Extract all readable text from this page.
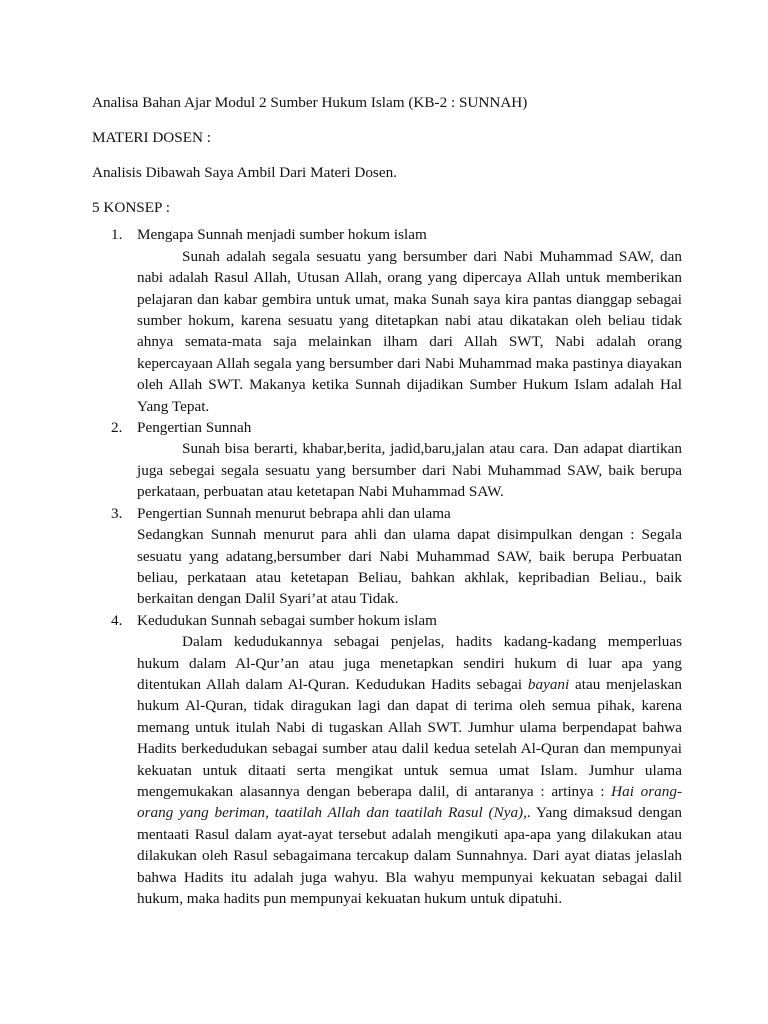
Analisa Bahan Ajar Modul 2 Sumber Hukum Islam (KB-2 : SUNNAH)

MATERI DOSEN :

Analisis Dibawah Saya Ambil Dari Materi Dosen.

5 KONSEP :

1. Mengapa Sunnah menjadi sumber hokum islam

Sunah adalah segala sesuatu yang bersumber dari Nabi Muhammad SAW, dan nabi adalah Rasul Allah, Utusan Allah, orang yang dipercaya Allah untuk memberikan pelajaran dan kabar gembira untuk umat, maka Sunah saya kira pantas dianggap sebagai sumber hokum, karena sesuatu yang ditetapkan nabi atau dikatakan oleh beliau tidak ahnya semata-mata saja melainkan ilham dari Allah SWT, Nabi adalah orang kepercayaan Allah segala yang bersumber dari Nabi Muhammad maka pastinya diayakan oleh Allah SWT. Makanya ketika Sunnah dijadikan Sumber Hukum Islam adalah Hal Yang Tepat.

2. Pengertian Sunnah

Sunah bisa berarti, khabar,berita, jadid,baru,jalan atau cara. Dan adapat diartikan juga sebegai segala sesuatu yang bersumber dari Nabi Muhammad SAW, baik berupa perkataan, perbuatan atau ketetapan Nabi Muhammad SAW.

3. Pengertian Sunnah menurut bebrapa ahli dan ulama

Sedangkan Sunnah menurut para ahli dan ulama dapat disimpulkan dengan : Segala sesuatu yang adatang,bersumber dari Nabi Muhammad SAW, baik berupa Perbuatan beliau, perkataan atau ketetapan Beliau, bahkan akhlak, kepribadian Beliau., baik berkaitan dengan Dalil Syari’at atau Tidak.

4. Kedudukan Sunnah sebagai sumber hokum islam

Dalam kedudukannya sebagai penjelas, hadits kadang-kadang memperluas hukum dalam Al-Qur’an atau juga menetapkan sendiri hukum di luar apa yang ditentukan Allah dalam Al-Quran. Kedudukan Hadits sebagai bayani atau menjelaskan hukum Al-Quran, tidak diragukan lagi dan dapat di terima oleh semua pihak, karena memang untuk itulah Nabi di tugaskan Allah SWT. Jumhur ulama berpendapat bahwa Hadits berkedudukan sebagai sumber atau dalil kedua setelah Al-Quran dan mempunyai kekuatan untuk ditaati serta mengikat untuk semua umat Islam. Jumhur ulama mengemukakan alasannya dengan beberapa dalil, di antaranya : artinya : Hai orang-orang yang beriman, taatilah Allah dan taatilah Rasul (Nya),. Yang dimaksud dengan mentaati Rasul dalam ayat-ayat tersebut adalah mengikuti apa-apa yang dilakukan atau dilakukan oleh Rasul sebagaimana tercakup dalam Sunnahnya. Dari ayat diatas jelaslah bahwa Hadits itu adalah juga wahyu. Bla wahyu mempunyai kekuatan sebagai dalil hukum, maka hadits pun mempunyai kekuatan hukum untuk dipatuhi.
